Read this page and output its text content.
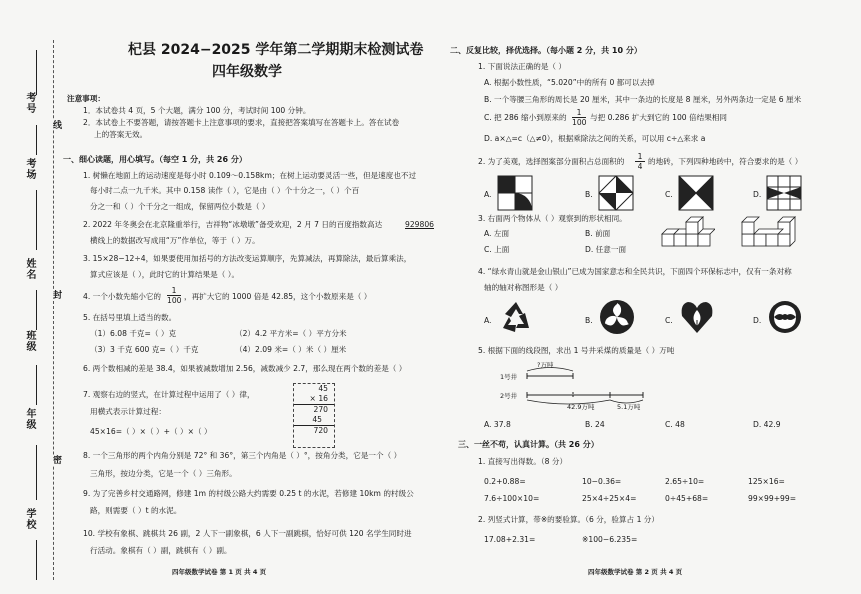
考号
考场
姓名
班级
年级
学校
线
封
密
杞县 2024−2025 学年第二学期期末检测试卷
四年级数学
注意事项：
1．本试卷共 4 页，5 个大题，满分 100 分，考试时间 100 分钟。
2．本试卷上不要答题，请按答题卡上注意事项的要求，直接把答案填写在答题卡上。答在试卷
上的答案无效。
一、细心读题，用心填写。（每空 1 分，共 26 分）
1. 树懒在地面上的运动速度是每小时 0.109～0.158km；在树上运动要灵活一些，但是速度也不过
每小时二点一九千米。其中 0.158 读作（ ），它是由（ ）个十分之一，（ ）个百
分之一和（ ）个千分之一组成，保留两位小数是（ ）
2. 2022 年冬奥会在北京隆重举行，吉祥物“冰墩墩”备受欢迎，2 月 7 日的百度指数高达	929806
横线上的数据改写成用“万”作单位，等于（ ）万。
3. 15×28−12÷4，如果要使用加括号的方法改变运算顺序，先算减法，再算除法，最后算乘法，
算式应该是（ ），此时它的计算结果是（ ）。
4. 一个小数先缩小它的
1
100 ，再扩大它的 1000 倍是 42.85，这个小数原来是（ ）
5. 在括号里填上适当的数。
（1）6.08 千克=（ ）克	（2）4.2 平方米=（ ）平方分米
（3）3 千克 600 克=（ ）千克	（4）2.09 米=（ ）米（ ）厘米
6. 两个数相减的差是 38.4，如果被减数增加 2.56，减数减少 2.7，那么现在两个数的差是（ ）
7. 观察右边的竖式，在计算过程中运用了（ ）律，
用横式表示计算过程：
45×16=（ ）×（ ）+（ ）×（ ）
45
× 16
270
45
720
8. 一个三角形的两个内角分别是 72° 和 36°，第三个内角是（ ）°，按角分类，它是一个（ ）
三角形，按边分类，它是一个（ ）三角形。
9. 为了完善乡村交通路网，修建 1m 的村级公路大约需要 0.25 t 的水泥，若修建 10km 的村级公
路，则需要（ ）t 的水泥。
10. 学校有象棋、跳棋共 26 副，2 人下一副象棋，6 人下一副跳棋，恰好可供 120 名学生同时进
行活动。象棋有（ ）副，跳棋有（ ）副。
二、反复比较，择优选择。（每小题 2 分，共 10 分）
1. 下面说法正确的是（ ）
A. 根据小数性质，“5.020”中的所有 0 都可以去掉
B. 一个等腰三角形的周长是 20 厘米，其中一条边的长度是 8 厘米，另外两条边一定是 6 厘米
C. 把 286 缩小到原来的
1
100
与把 0.286 扩大到它的 100 倍结果相同
D. a×△=c（△≠0），根据乘除法之间的关系，可以用 c÷△来求 a
2. 为了美观，选择图案部分面积占总面积的
1
4
的地砖，下列四种地砖中，符合要求的是（ ）
A.	B.	C.	D.
3. 右面两个物体从（ ）观察到的形状相同。
A. 左面	B. 前面
C. 上面	D. 任意一面
4. “绿水青山就是金山银山”已成为国家意志和全民共识，下面四个环保标志中，仅有一条对称
轴的轴对称图形是（ ）
A.	B.	C.	D.
5. 根据下面的线段图，求出 1 号井采煤的质量是（ ）万吨
1号井
2号井
?万吨
42.9万吨	5.1万吨
A. 37.8	B. 24	C. 48	D. 42.9
三、一丝不苟，认真计算。（共 26 分）
1. 直接写出得数。（8 分）
0.2+0.88=	10−0.36=	2.65÷10=	125×16=
7.6÷100×10=	25×4÷25×4=	0÷45+68=	99×99+99=
2. 列竖式计算，带※的要验算。（6 分，验算占 1 分）
17.08+2.31=	※100−6.235=
四年级数学试卷 第 1 页 共 4 页	四年级数学试卷 第 2 页 共 4 页
